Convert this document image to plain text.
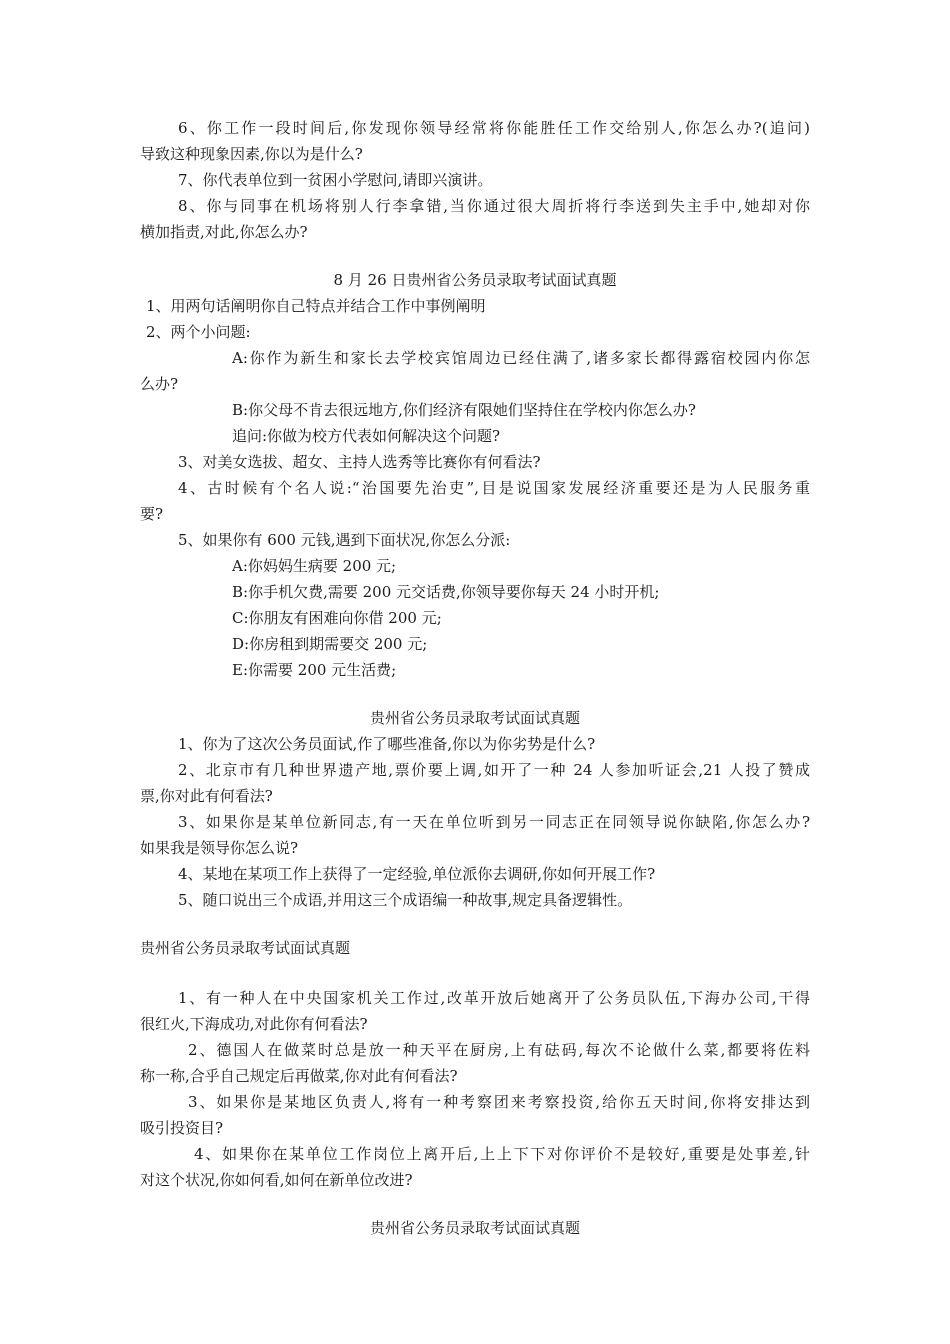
6、你工作一段时间后,你发现你领导经常将你能胜任工作交给别人,你怎么办?(追问)
导致这种现象因素,你以为是什么?
7、你代表单位到一贫困小学慰问,请即兴演讲。
8、你与同事在机场将别人行李拿错,当你通过很大周折将行李送到失主手中,她却对你
横加指责,对此,你怎么办?
8 月 26 日贵州省公务员录取考试面试真题
1、用两句话阐明你自己特点并结合工作中事例阐明
2、两个小问题:
A:你作为新生和家长去学校宾馆周边已经住满了,诸多家长都得露宿校园内你怎
么办?
B:你父母不肯去很远地方,你们经济有限她们坚持住在学校内你怎么办?
追问:你做为校方代表如何解决这个问题?
3、对美女选拔、超女、主持人选秀等比赛你有何看法?
4、古时候有个名人说:“治国要先治吏”,目是说国家发展经济重要还是为人民服务重
要?
5、如果你有 600 元钱,遇到下面状况,你怎么分派:
A:你妈妈生病要 200 元;
B:你手机欠费,需要 200 元交话费,你领导要你每天 24 小时开机;
C:你朋友有困难向你借 200 元;
D:你房租到期需要交 200 元;
E:你需要 200 元生活费;
贵州省公务员录取考试面试真题
1、你为了这次公务员面试,作了哪些准备,你以为你劣势是什么?
2、北京市有几种世界遗产地,票价要上调,如开了一种 24 人参加听证会,21 人投了赞成
票,你对此有何看法?
3、如果你是某单位新同志,有一天在单位听到另一同志正在同领导说你缺陷,你怎么办?
如果我是领导你怎么说?
4、某地在某项工作上获得了一定经验,单位派你去调研,你如何开展工作?
5、随口说出三个成语,并用这三个成语编一种故事,规定具备逻辑性。
贵州省公务员录取考试面试真题
1、有一种人在中央国家机关工作过,改革开放后她离开了公务员队伍,下海办公司,干得
很红火,下海成功,对此你有何看法?
2、德国人在做菜时总是放一种天平在厨房,上有砝码,每次不论做什么菜,都要将佐料
称一称,合乎自己规定后再做菜,你对此有何看法?
3、如果你是某地区负责人,将有一种考察团来考察投资,给你五天时间,你将安排达到
吸引投资目?
4、如果你在某单位工作岗位上离开后,上上下下对你评价不是较好,重要是处事差,针
对这个状况,你如何看,如何在新单位改进?
贵州省公务员录取考试面试真题
